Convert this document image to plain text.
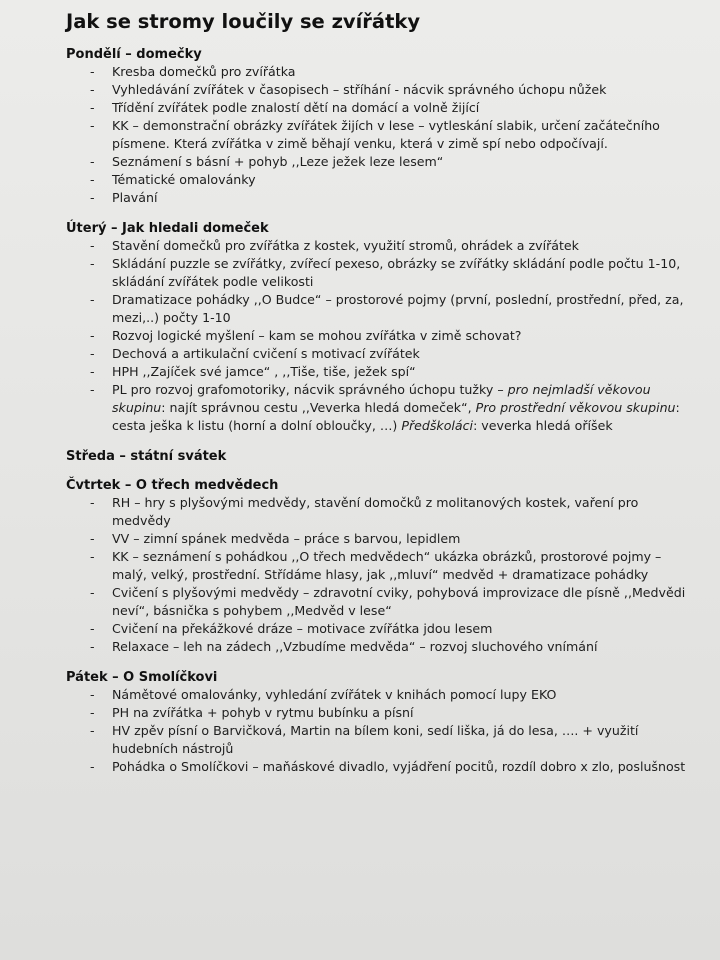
Jak se stromy loučily se zvířátky
Pondělí – domečky
- Kresba domečků pro zvířátka
- Vyhledávání zvířátek v časopisech – stříhání - nácvik správného úchopu nůžek
- Třídění zvířátek podle znalostí dětí na domácí a volně žijící
- KK – demonstrační obrázky zvířátek žijích v lese – vytleskání slabik, určení začátečního písmene. Která zvířátka v zimě běhají venku, která v zimě spí nebo odpočívají.
- Seznámení s básní + pohyb ,,Leze ježek leze lesem“
- Tématické omalovánky
- Plavání
Úterý – Jak hledali domeček
- Stavění domečků pro zvířátka z kostek, využití stromů, ohrádek a zvířátek
- Skládání puzzle se zvířátky, zvířecí pexeso, obrázky se zvířátky skládání podle počtu 1-10, skládání zvířátek podle velikosti
- Dramatizace pohádky ,,O Budce“ – prostorové pojmy (první, poslední, prostřední, před, za, mezi,..) počty 1-10
- Rozvoj logické myšlení – kam se mohou zvířátka v zimě schovat?
- Dechová a artikulační cvičení s motivací zvířátek
- HPH ,,Zajíček své jamce“ , ,,Tiše, tiše, ježek spí“
- PL pro rozvoj grafomotoriky, nácvik správného úchopu tužky – pro nejmladší věkovou skupinu: najít správnou cestu ,,Veverka hledá domeček“, Pro prostřední věkovou skupinu: cesta ješka k listu (horní a dolní obloučky, …) Předškoláci: veverka hledá oříšek
Středa – státní svátek
Čvtrtek – O třech medvědech
- RH – hry s plyšovými medvědy, stavění domočků z molitanových kostek, vaření pro medvědy
- VV – zimní spánek medvěda – práce s barvou, lepidlem
- KK – seznámení s pohádkou ,,O třech medvědech“ ukázka obrázků, prostorové pojmy – malý, velký, prostřední. Střídáme hlasy, jak ,,mluví“ medvěd + dramatizace pohádky
- Cvičení s plyšovými medvědy – zdravotní cviky, pohybová improvizace dle písně ,,Medvědi neví“, básnička s pohybem ,,Medvěd v lese“
- Cvičení na překážkové dráze – motivace zvířátka jdou lesem
- Relaxace – leh na zádech ,,Vzbudíme medvěda“ – rozvoj sluchového vnímání
Pátek – O Smolíčkovi
- Námětové omalovánky, vyhledání zvířátek v knihách pomocí lupy EKO
- PH na zvířátka + pohyb v rytmu bubínku a písní
- HV zpěv písní o Barvičková, Martin na bílem koni, sedí liška, já do lesa, …. + využití hudebních nástrojů
- Pohádka o Smolíčkovi – maňáskové divadlo, vyjádření pocitů, rozdíl dobro x zlo, poslušnost
